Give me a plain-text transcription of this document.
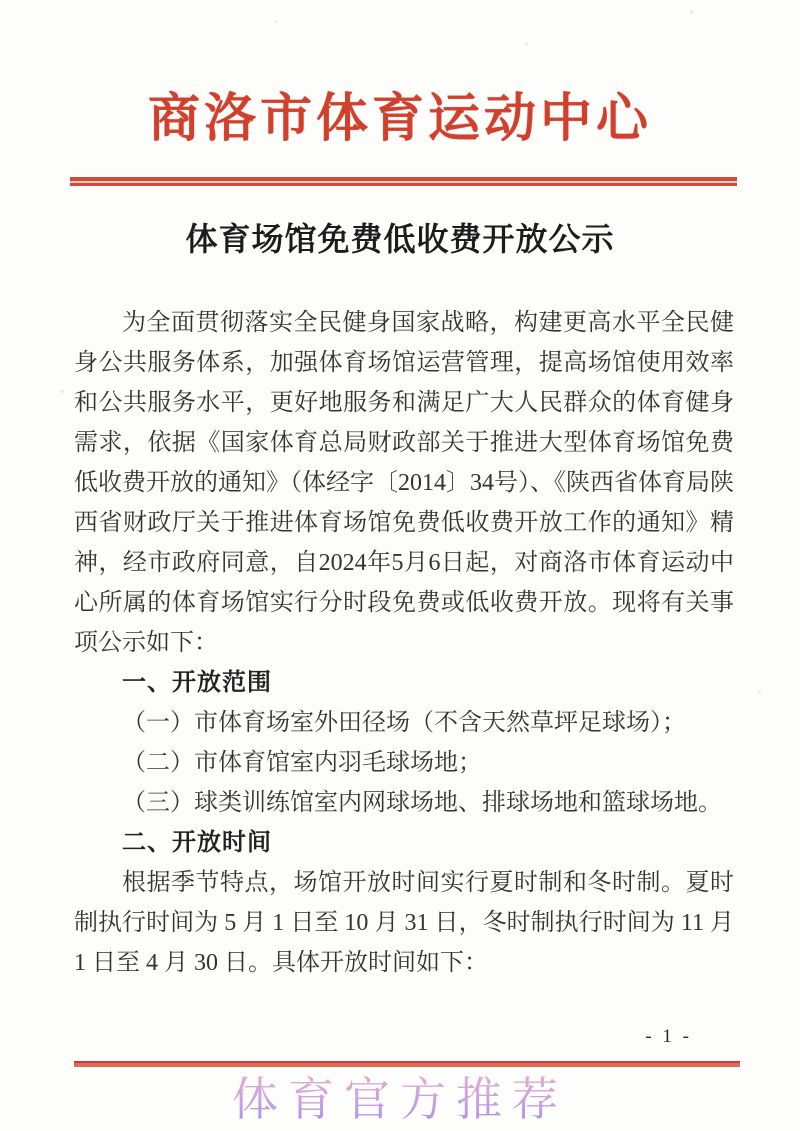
商洛市体育运动中心
体育场馆免费低收费开放公示

为全面贯彻落实全民健身国家战略，构建更高水平全民健身公共服务体系，加强体育场馆运营管理，提高场馆使用效率和公共服务水平，更好地服务和满足广大人民群众的体育健身需求，依据《国家体育总局财政部关于推进大型体育场馆免费低收费开放的通知》（体经字〔2014〕34号）、《陕西省体育局陕西省财政厅关于推进体育场馆免费低收费开放工作的通知》精神，经市政府同意，自2024年5月6日起，对商洛市体育运动中心所属的体育场馆实行分时段免费或低收费开放。现将有关事项公示如下：

一、开放范围

（一）市体育场室外田径场（不含天然草坪足球场）；

（二）市体育馆室内羽毛球场地；

（三）球类训练馆室内网球场地、排球场地和篮球场地。

二、开放时间

根据季节特点，场馆开放时间实行夏时制和冬时制。夏时制执行时间为 5 月 1 日至 10 月 31 日，冬时制执行时间为 11 月 1 日至 4 月 30 日。具体开放时间如下：

- 1 -
体育官方推荐
